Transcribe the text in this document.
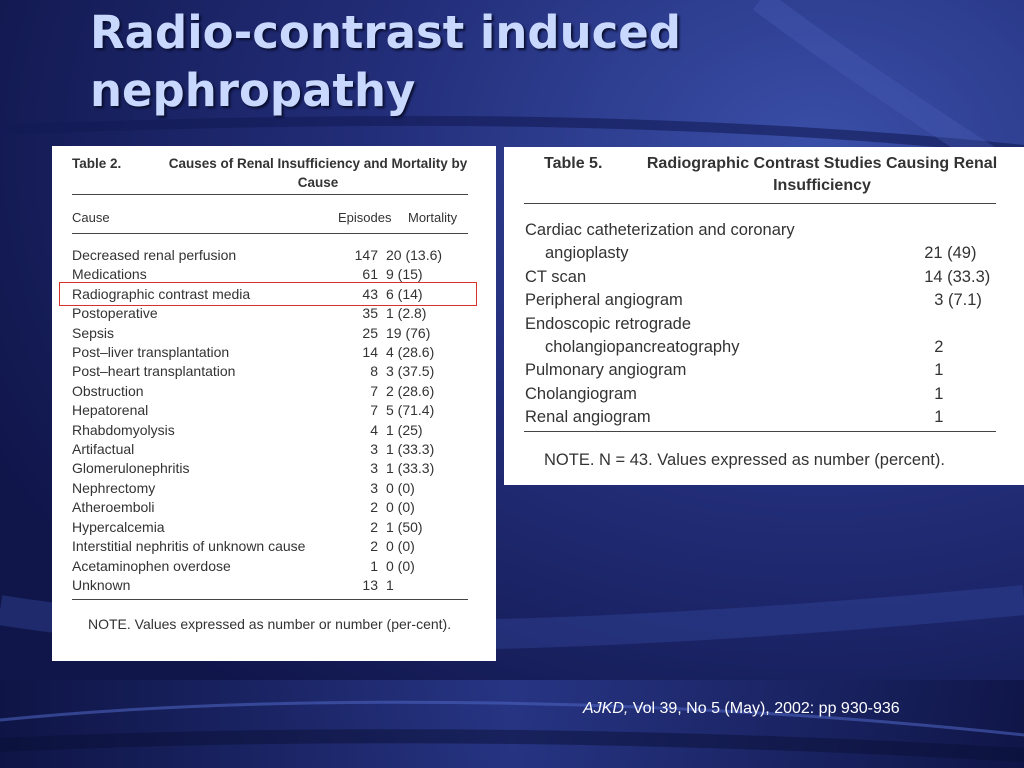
Radio-contrast induced
nephropathy
Table 2.	Causes of Renal Insufficiency and Mortality by Cause
Cause	Episodes Mortality
Decreased renal perfusion	147	20 (13.6)
Medications	61	9 (15)
Radiographic contrast media	43	6 (14)
Postoperative	35	1 (2.8)
Sepsis	25	19 (76)
Post–liver transplantation	14	4 (28.6)
Post–heart transplantation	8	3 (37.5)
Obstruction	7	2 (28.6)
Hepatorenal	7	5 (71.4)
Rhabdomyolysis	4	1 (25)
Artifactual	3	1 (33.3)
Glomerulonephritis	3	1 (33.3)
Nephrectomy	3	0 (0)
Atheroemboli	2	0 (0)
Hypercalcemia	2	1 (50)
Interstitial nephritis of unknown cause	2	0 (0)
Acetaminophen overdose	1	0 (0)
Unknown	13	1
NOTE. Values expressed as number or number (per-cent).
Table 5.	Radiographic Contrast Studies Causing Renal Insufficiency
Cardiac catheterization and coronary	
angioplasty	21 (49)
CT scan	14 (33.3)
Peripheral angiogram	3 (7.1)
Endoscopic retrograde	
cholangiopancreatography	2
Pulmonary angiogram	1
Cholangiogram	1
Renal angiogram	1
NOTE. N = 43. Values expressed as number (percent).
AJKD, Vol 39, No 5 (May), 2002: pp 930-936
